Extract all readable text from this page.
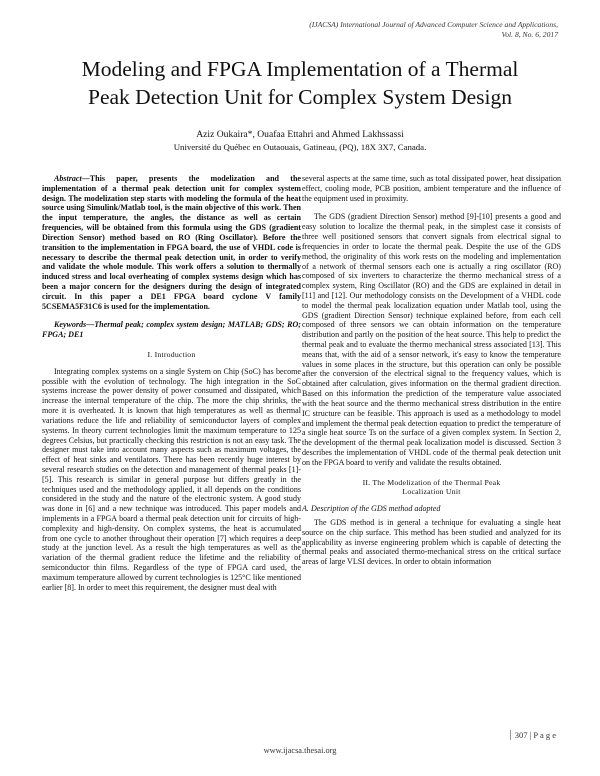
(IJACSA) International Journal of Advanced Computer Science and Applications,
Vol. 8, No. 6, 2017
Modeling and FPGA Implementation of a Thermal
Peak Detection Unit for Complex System Design
Aziz Oukaira*, Ouafaa Ettahri and Ahmed Lakhssassi
Université du Québec en Outaouais, Gatineau, (PQ), 18X 3X7, Canada.

Abstract—This paper, presents the modelization and the implementation of a thermal peak detection unit for complex system design. The modelization step starts with modeling the formula of the heat source using Simulink/Matlab tool, is the main objective of this work. Then the input temperature, the angles, the distance as well as certain frequencies, will be obtained from this formula using the GDS (gradient Direction Sensor) method based on RO (Ring Oscillator). Before the transition to the implementation in FPGA board, the use of VHDL code is necessary to describe the thermal peak detection unit, in order to verify and validate the whole module. This work offers a solution to thermally induced stress and local overheating of complex systems design which has been a major concern for the designers during the design of integrated circuit. In this paper a DE1 FPGA board cyclone V family 5CSEMA5F31C6 is used for the implementation.

Keywords—Thermal peak; complex system design; MATLAB; GDS; RO; FPGA; DE1

I. Introduction

Integrating complex systems on a single System on Chip (SoC) has become possible with the evolution of technology. The high integration in the SoC systems increase the power density of power consumed and dissipated, which increase the internal temperature of the chip. The more the chip shrinks, the more it is overheated. It is known that high temperatures as well as thermal variations reduce the life and reliability of semiconductor layers of complex systems. In theory current technologies limit the maximum temperature to 125 degrees Celsius, but practically checking this restriction is not an easy task. The designer must take into account many aspects such as maximum voltages, the effect of heat sinks and ventilators. There has been recently huge interest by several research studies on the detection and management of thermal peaks [1]-[5]. This research is similar in general purpose but differs greatly in the techniques used and the methodology applied, it all depends on the conditions considered in the study and the nature of the electronic system. A good study was done in [6] and a new technique was introduced. This paper models and implements in a FPGA board a thermal peak detection unit for circuits of high-complexity and high-density. On complex systems, the heat is accumulated from one cycle to another throughout their operation [7] which requires a deep study at the junction level. As a result the high temperatures as well as the variation of the thermal gradient reduce the lifetime and the reliability of semiconductor thin films. Regardless of the type of FPGA card used, the maximum temperature allowed by current technologies is 125°C like mentioned earlier [8]. In order to meet this requirement, the designer must deal with

several aspects at the same time, such as total dissipated power, heat dissipation effect, cooling mode, PCB position, ambient temperature and the influence of the equipment used in proximity.

The GDS (gradient Direction Sensor) method [9]-[10] presents a good and easy solution to localize the thermal peak, in the simplest case it consists of three well positioned sensors that convert signals from electrical signal to frequencies in order to locate the thermal peak. Despite the use of the GDS method, the originality of this work rests on the modeling and implementation of a network of thermal sensors each one is actually a ring oscillator (RO) composed of six inverters to characterize the thermo mechanical stress of a complex system, Ring Oscillator (RO) and the GDS are explained in detail in [11] and [12]. Our methodology consists on the Development of a VHDL code to model the thermal peak localization equation under Matlab tool, using the GDS (gradient Direction Sensor) technique explained before, from each cell composed of three sensors we can obtain information on the temperature distribution and partly on the position of the heat source. This help to predict the thermal peak and to evaluate the thermo mechanical stress associated [13]. This means that, with the aid of a sensor network, it's easy to know the temperature values in some places in the structure, but this operation can only be possible after the conversion of the electrical signal to the frequency values, which is obtained after calculation, gives information on the thermal gradient direction. Based on this information the prediction of the temperature value associated with the heat source and the thermo mechanical stress distribution in the entire IC structure can be feasible. This approach is used as a methodology to model and implement the thermal peak detection equation to predict the temperature of a single heat source Ts on the surface of a given complex system. In Section 2, the development of the thermal peak localization model is discussed. Section 3 describes the implementation of VHDL code of the thermal peak detection unit on the FPGA board to verify and validate the results obtained.

II. The Modelization of the Thermal Peak
Localization Unit

A. Description of the GDS method adopted

The GDS method is in general a technique for evaluating a single heat source on the chip surface. This method has been studied and analyzed for its applicability as inverse engineering problem which is capable of detecting the thermal peaks and associated thermo-mechanical stress on the critical surface areas of large VLSI devices. In order to obtain information

307 | P a g e
www.ijacsa.thesai.org
